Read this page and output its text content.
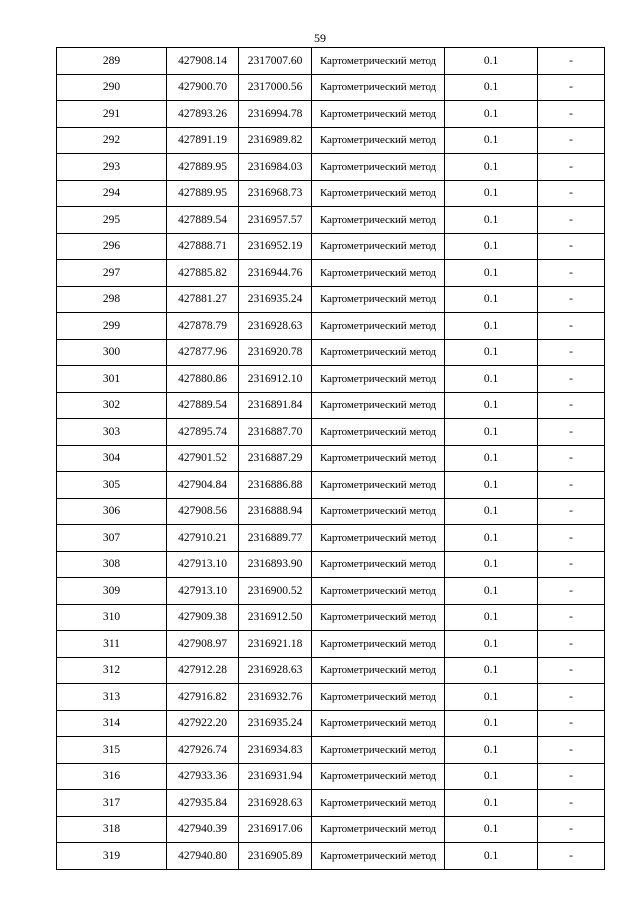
59
289	427908.14	2317007.60	Картометрический метод	0.1	-
290	427900.70	2317000.56	Картометрический метод	0.1	-
291	427893.26	2316994.78	Картометрический метод	0.1	-
292	427891.19	2316989.82	Картометрический метод	0.1	-
293	427889.95	2316984.03	Картометрический метод	0.1	-
294	427889.95	2316968.73	Картометрический метод	0.1	-
295	427889.54	2316957.57	Картометрический метод	0.1	-
296	427888.71	2316952.19	Картометрический метод	0.1	-
297	427885.82	2316944.76	Картометрический метод	0.1	-
298	427881.27	2316935.24	Картометрический метод	0.1	-
299	427878.79	2316928.63	Картометрический метод	0.1	-
300	427877.96	2316920.78	Картометрический метод	0.1	-
301	427880.86	2316912.10	Картометрический метод	0.1	-
302	427889.54	2316891.84	Картометрический метод	0.1	-
303	427895.74	2316887.70	Картометрический метод	0.1	-
304	427901.52	2316887.29	Картометрический метод	0.1	-
305	427904.84	2316886.88	Картометрический метод	0.1	-
306	427908.56	2316888.94	Картометрический метод	0.1	-
307	427910.21	2316889.77	Картометрический метод	0.1	-
308	427913.10	2316893.90	Картометрический метод	0.1	-
309	427913.10	2316900.52	Картометрический метод	0.1	-
310	427909.38	2316912.50	Картометрический метод	0.1	-
311	427908.97	2316921.18	Картометрический метод	0.1	-
312	427912.28	2316928.63	Картометрический метод	0.1	-
313	427916.82	2316932.76	Картометрический метод	0.1	-
314	427922.20	2316935.24	Картометрический метод	0.1	-
315	427926.74	2316934.83	Картометрический метод	0.1	-
316	427933.36	2316931.94	Картометрический метод	0.1	-
317	427935.84	2316928.63	Картометрический метод	0.1	-
318	427940.39	2316917.06	Картометрический метод	0.1	-
319	427940.80	2316905.89	Картометрический метод	0.1	-
